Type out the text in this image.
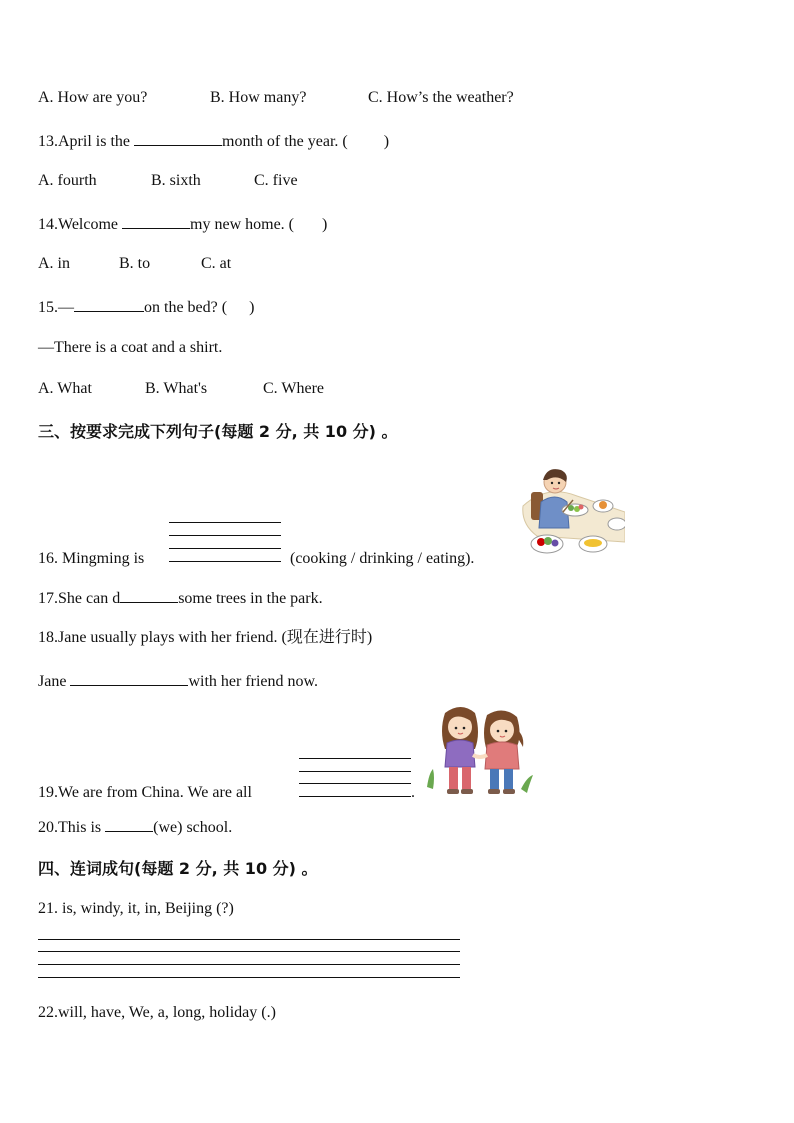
A. How are you?	B. How many?	C. How’s the weather?
13.April is the	month of the year. ( )
A. fourth	B. sixth	C. five
14.Welcome	my new home. ( )
A. in	B. to	C. at
15.—	on the bed? ( )
—There is a coat and a shirt.
A. What	B. What's	C. Where
三、按要求完成下列句子(每题 2 分, 共 10 分) 。
16. Mingming is	(cooking / drinking / eating).
17.She can d	some trees in the park.
18.Jane usually plays with her friend. (现在进行时)
Jane	with her friend now.
19.We are from China. We are all	.
20.This is	(we) school.
四、连词成句(每题 2 分, 共 10 分) 。
21. is, windy, it, in, Beijing (?)
22.will, have, We, a, long, holiday (.)
